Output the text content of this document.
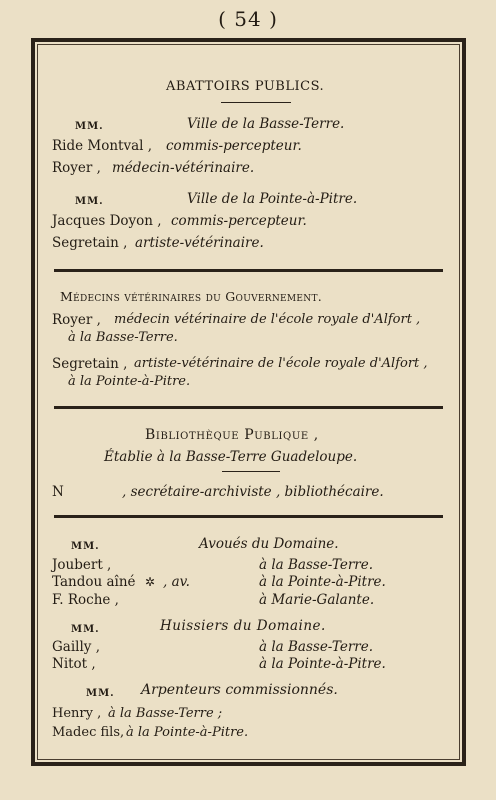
( 54 )
ABATTOIRS PUBLICS.
MM.	Ville de la Basse-Terre.
Ride Montval , commis-percepteur.
Royer , médecin-vétérinaire.
MM.	Ville de la Pointe-à-Pitre.
Jacques Doyon , commis-percepteur.
Segretain , artiste-vétérinaire.
Médecins vétérinaires du Gouvernement.
Royer , médecin vétérinaire de l'école royale d'Alfort ,
à la Basse-Terre.
Segretain , artiste-vétérinaire de l'école royale d'Alfort ,
à la Pointe-à-Pitre.
Bibliothèque Publique ,
Établie à la Basse-Terre Guadeloupe.
N	, secrétaire-archiviste , bibliothécaire.
MM.	Avoués du Domaine.
Joubert ,	à la Basse-Terre.
Tandou aîné ✲ , av.	à la Pointe-à-Pitre.
F. Roche ,	à Marie-Galante.
MM.	Huissiers du Domaine.
Gailly ,	à la Basse-Terre.
Nitot ,	à la Pointe-à-Pitre.
MM. Arpenteurs commissionnés.
Henry , à la Basse-Terre ;
Madec fils, à la Pointe-à-Pitre.
